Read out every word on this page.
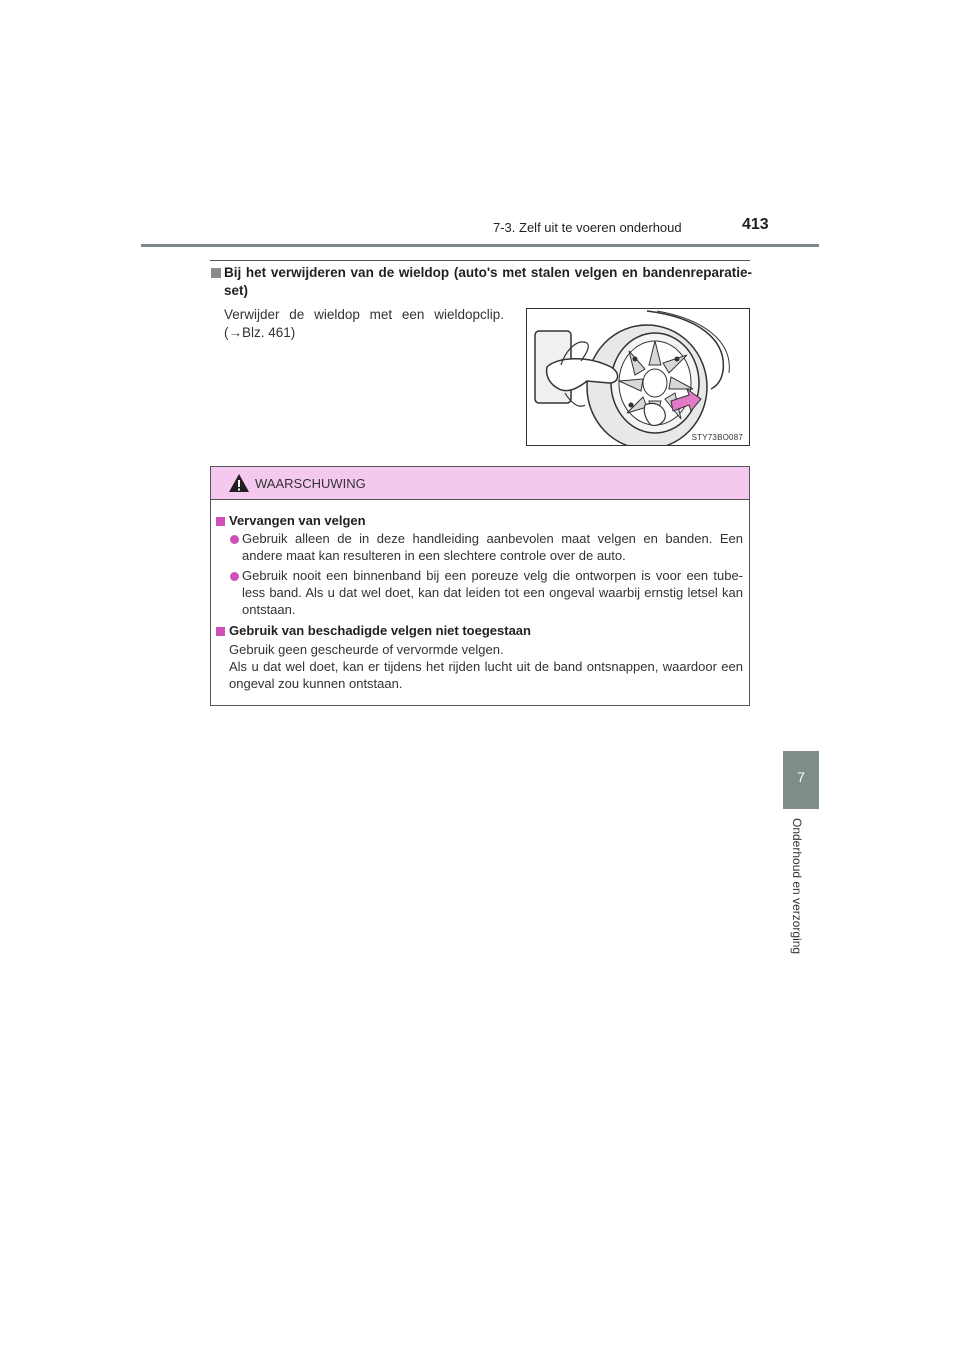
7-3. Zelf uit te voeren onderhoud	413
7
Onderhoud en verzorging
Bij het verwijderen van de wieldop (auto's met stalen velgen en bandenreparatie-set)
Verwijder de wieldop met een wieldopclip. (→Blz. 461)
STY73BO087
WAARSCHUWING
Vervangen van velgen
Gebruik alleen de in deze handleiding aanbevolen maat velgen en banden. Een andere maat kan resulteren in een slechtere controle over de auto.
Gebruik nooit een binnenband bij een poreuze velg die ontworpen is voor een tube-less band. Als u dat wel doet, kan dat leiden tot een ongeval waarbij ernstig letsel kan ontstaan.
Gebruik van beschadigde velgen niet toegestaan
Gebruik geen gescheurde of vervormde velgen.
Als u dat wel doet, kan er tijdens het rijden lucht uit de band ontsnappen, waardoor een ongeval zou kunnen ontstaan.
